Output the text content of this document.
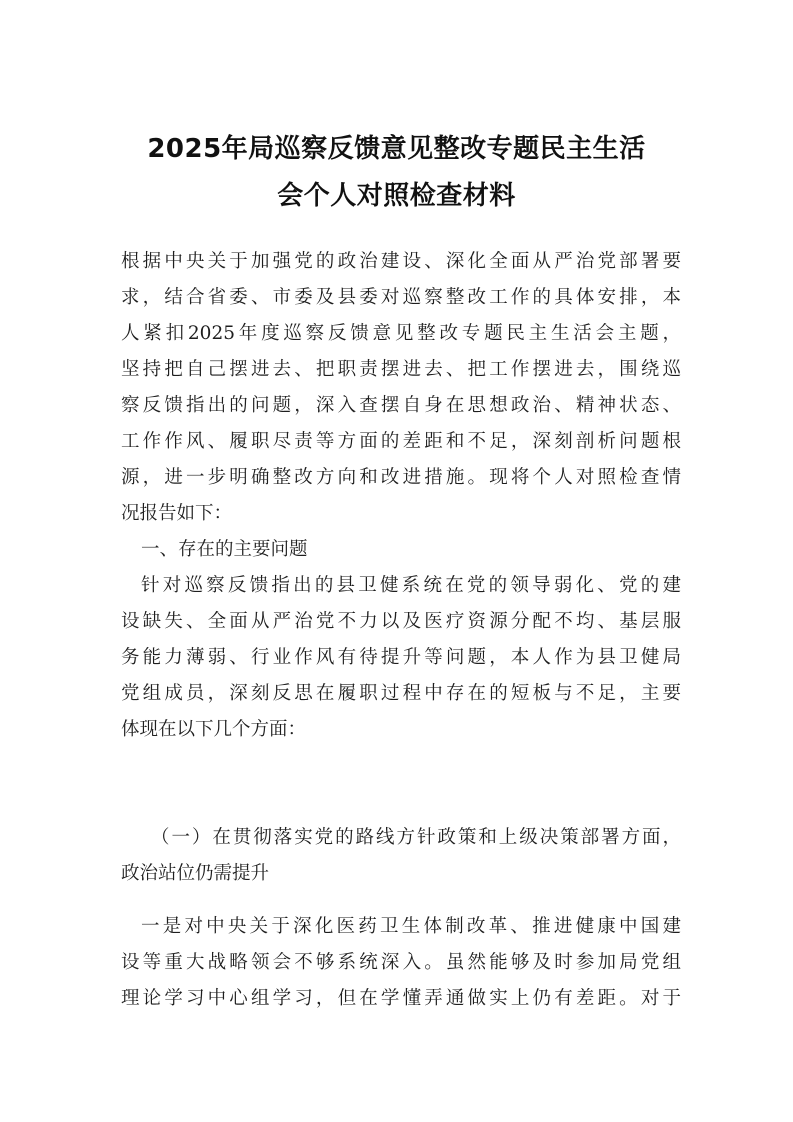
2025年局巡察反馈意见整改专题民主生活
会个人对照检查材料
根据中央关于加强党的政治建设、深化全面从严治党部署要
求，结合省委、市委及县委对巡察整改工作的具体安排，本
人紧扣2025年度巡察反馈意见整改专题民主生活会主题，
坚持把自己摆进去、把职责摆进去、把工作摆进去，围绕巡
察反馈指出的问题，深入查摆自身在思想政治、精神状态、
工作作风、履职尽责等方面的差距和不足，深刻剖析问题根
源，进一步明确整改方向和改进措施。现将个人对照检查情
况报告如下：
一、存在的主要问题
针对巡察反馈指出的县卫健系统在党的领导弱化、党的建
设缺失、全面从严治党不力以及医疗资源分配不均、基层服
务能力薄弱、行业作风有待提升等问题，本人作为县卫健局
党组成员，深刻反思在履职过程中存在的短板与不足，主要
体现在以下几个方面：
（一）在贯彻落实党的路线方针政策和上级决策部署方面，
政治站位仍需提升
一是对中央关于深化医药卫生体制改革、推进健康中国建
设等重大战略领会不够系统深入。虽然能够及时参加局党组
理论学习中心组学习，但在学懂弄通做实上仍有差距。对于
